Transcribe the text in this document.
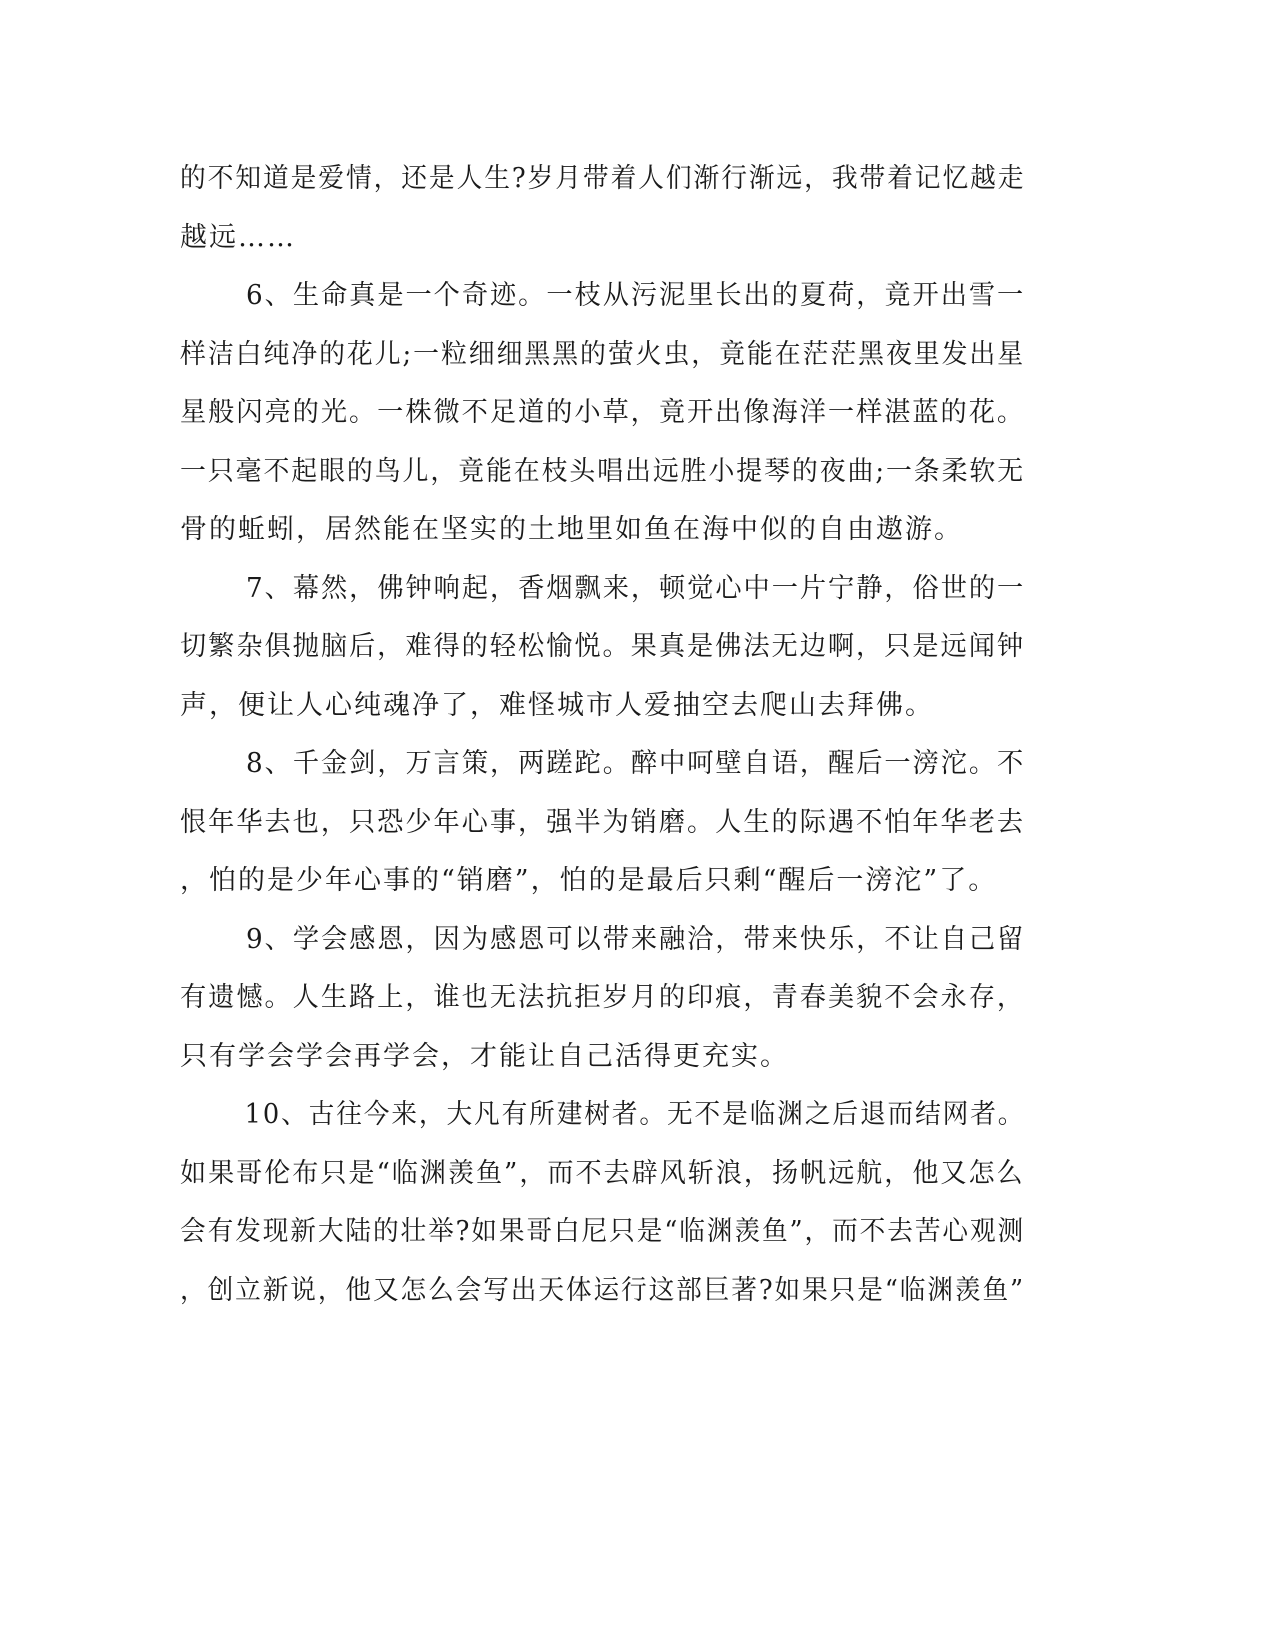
的不知道是爱情，还是人生?岁月带着人们渐行渐远，我带着记忆越走
越远……
6、生命真是一个奇迹。一枝从污泥里长出的夏荷，竟开出雪一
样洁白纯净的花儿;一粒细细黑黑的萤火虫，竟能在茫茫黑夜里发出星
星般闪亮的光。一株微不足道的小草，竟开出像海洋一样湛蓝的花。
一只毫不起眼的鸟儿，竟能在枝头唱出远胜小提琴的夜曲;一条柔软无
骨的蚯蚓，居然能在坚实的土地里如鱼在海中似的自由遨游。
7、幕然，佛钟响起，香烟飘来，顿觉心中一片宁静，俗世的一
切繁杂俱抛脑后，难得的轻松愉悦。果真是佛法无边啊，只是远闻钟
声，便让人心纯魂净了，难怪城市人爱抽空去爬山去拜佛。
8、千金剑，万言策，两蹉跎。醉中呵壁自语，醒后一滂沱。不
恨年华去也，只恐少年心事，强半为销磨。人生的际遇不怕年华老去
，怕的是少年心事的“销磨”，怕的是最后只剩“醒后一滂沱”了。
9、学会感恩，因为感恩可以带来融洽，带来快乐，不让自己留
有遗憾。人生路上，谁也无法抗拒岁月的印痕，青春美貌不会永存，
只有学会学会再学会，才能让自己活得更充实。
10、古往今来，大凡有所建树者。无不是临渊之后退而结网者。
如果哥伦布只是“临渊羡鱼”，而不去辟风斩浪，扬帆远航，他又怎么
会有发现新大陆的壮举?如果哥白尼只是“临渊羡鱼”，而不去苦心观测
，创立新说，他又怎么会写出天体运行这部巨著?如果只是“临渊羡鱼”
